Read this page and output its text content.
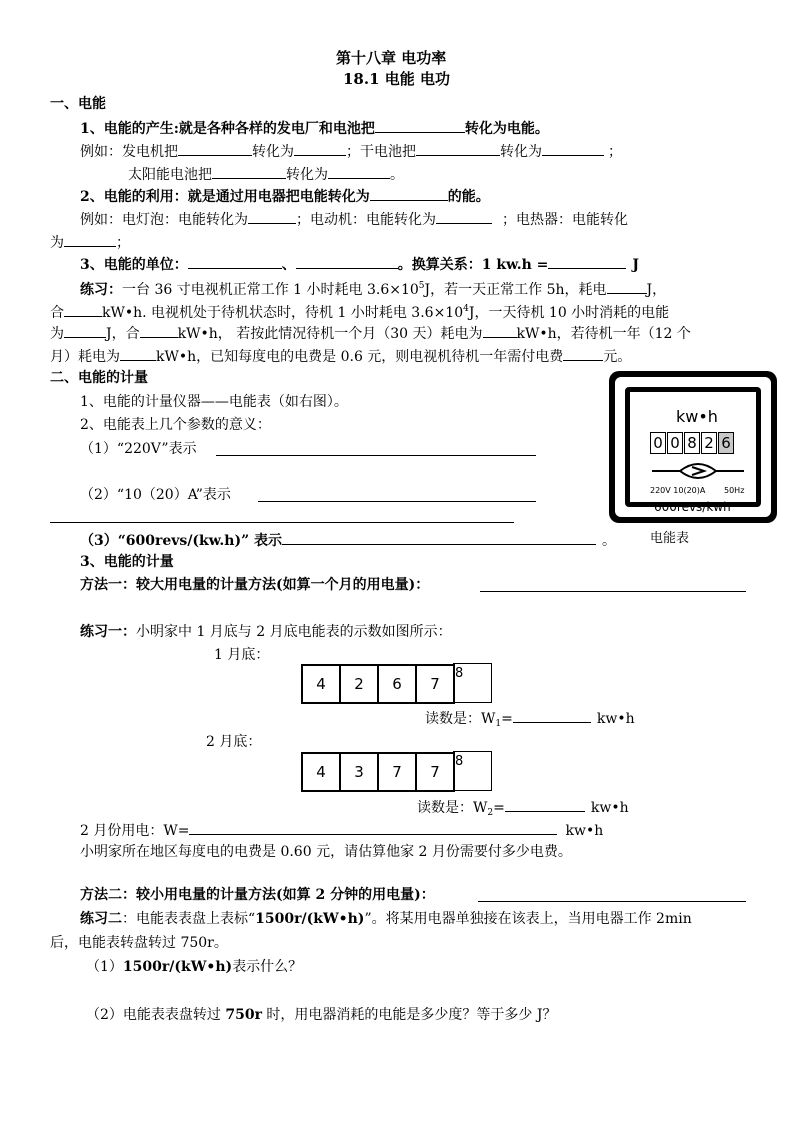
第十八章 电功率
18.1 电能 电功
一、电能
1、电能的产生:就是各种各样的发电厂和电池把	转化为电能。
例如：发电机把	转化为	；干电池把	转化为	；
太阳能电池把	转化为	。
2、电能的利用：就是通过用电器把电能转化为	的能。
例如：电灯泡：电能转化为	；电动机：电能转化为	；电热器：电能转化
为	；
3、电能的单位：	、	。换算关系：1 kw.h =	J
练习：一台 36 寸电视机正常工作 1 小时耗电 $3.6\times 10^5J$，若一天正常工作 5h，耗电	J，
合	kW•h. 电视机处于待机状态时，待机 1 小时耗电 $3.6\times 10^4J$，一天待机 10 小时消耗的电能
为	J，合	kW•h， 若按此情况待机一个月（30 天）耗电为 kW•h，若待机一年（12 个
月）耗电为	kW•h，已知每度电的电费是 0.6 元，则电视机待机一年需付电费	元。
二、电能的计量
1、电能的计量仪器——电能表（如右图）。
2、电能表上几个参数的意义：
（1）“220V”表示
（2）“10（20）A”表示
（3）“600revs/(kw.h)” 表示	。
kw•h
0 0 8 2 6
220V 10(20)A 50Hz
600revs/kwh
电能表
3、电能的计量
方法一：较大用电量的计量方法(如算一个月的用电量)：
练习一：小明家中 1 月底与 2 月底电能表的示数如图所示：
1 月底：
4	2	6	7
8
读数是：$W_1=$	kw•h
2 月底：
4	3	7	7
8
读数是：$W_2=$	kw•h
2 月份用电：W=	kw•h
小明家所在地区每度电的电费是 0.60 元，请估算他家 2 月份需要付多少电费。
方法二：较小用电量的计量方法(如算 2 分钟的用电量)：
练习二：电能表表盘上表标“1500r/(kW•h)”。将某用电器单独接在该表上，当用电器工作 2min
后，电能表转盘转过 750r。
（1）1500r/(kW•h)表示什么？
（2）电能表表盘转过 750r 时，用电器消耗的电能是多少度？等于多少 J？
